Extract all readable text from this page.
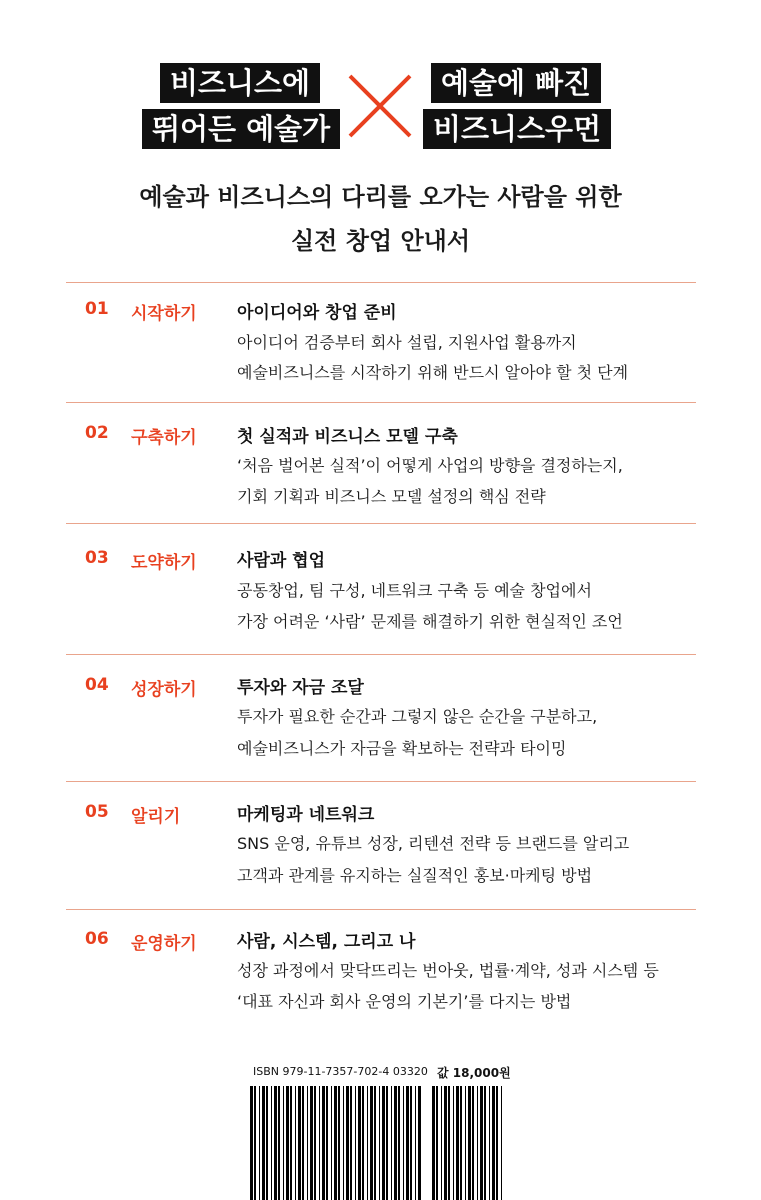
비즈니스에
뛰어든 예술가
예술에 빠진
비즈니스우먼
예술과 비즈니스의 다리를 오가는 사람을 위한
실전 창업 안내서
01 시작하기 아이디어와 창업 준비
아이디어 검증부터 회사 설립, 지원사업 활용까지
예술비즈니스를 시작하기 위해 반드시 알아야 할 첫 단계
02 구축하기 첫 실적과 비즈니스 모델 구축
‘처음 벌어본 실적’이 어떻게 사업의 방향을 결정하는지,
기회 기획과 비즈니스 모델 설정의 핵심 전략
03 도약하기 사람과 협업
공동창업, 팀 구성, 네트워크 구축 등 예술 창업에서
가장 어려운 ‘사람’ 문제를 해결하기 위한 현실적인 조언
04 성장하기 투자와 자금 조달
투자가 필요한 순간과 그렇지 않은 순간을 구분하고,
예술비즈니스가 자금을 확보하는 전략과 타이밍
05 알리기	마케팅과 네트워크
SNS 운영, 유튜브 성장, 리텐션 전략 등 브랜드를 알리고
고객과 관계를 유지하는 실질적인 홍보·마케팅 방법
06 운영하기 사람, 시스템, 그리고 나
성장 과정에서 맞닥뜨리는 번아웃, 법률·계약, 성과 시스템 등
‘대표 자신과 회사 운영의 기본기’를 다지는 방법
ISBN 979-11-7357-702-4 03320 값 18,000원
